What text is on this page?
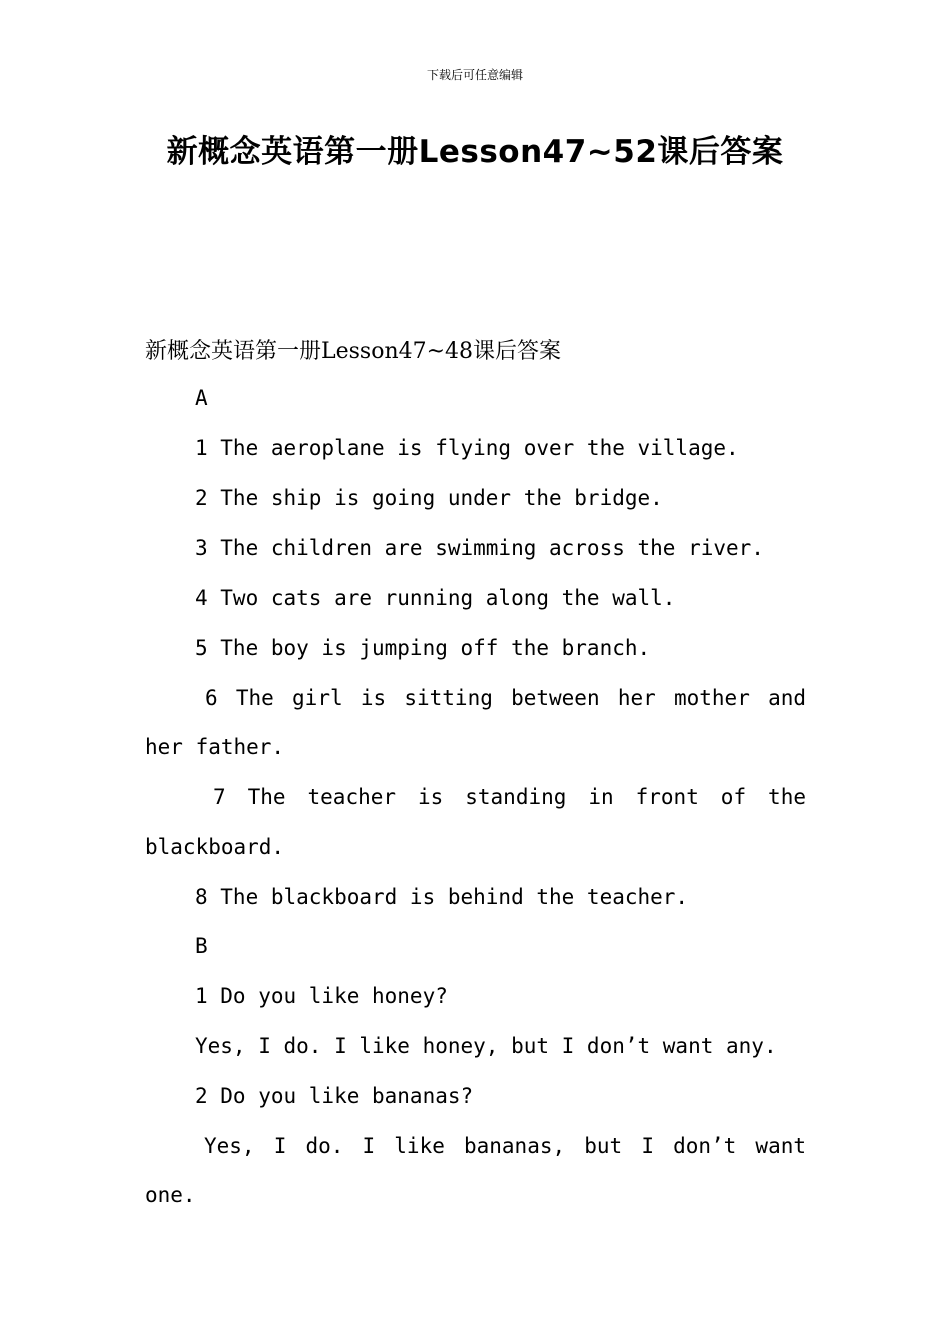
下载后可任意编辑
新概念英语第一册Lesson47~52课后答案
新概念英语第一册Lesson47~48课后答案
A
1 The aeroplane is flying over the village.
2 The ship is going under the bridge.
3 The children are swimming across the river.
4 Two cats are running along the wall.
5 The boy is jumping off the branch.
6 The girl is sitting between her mother and
her father.
7 The teacher is standing in front of the
blackboard.
8 The blackboard is behind the teacher.
B
1 Do you like honey?
Yes, I do. I like honey, but I don’t want any.
2 Do you like bananas?
Yes, I do. I like bananas, but I don’t want
one.
